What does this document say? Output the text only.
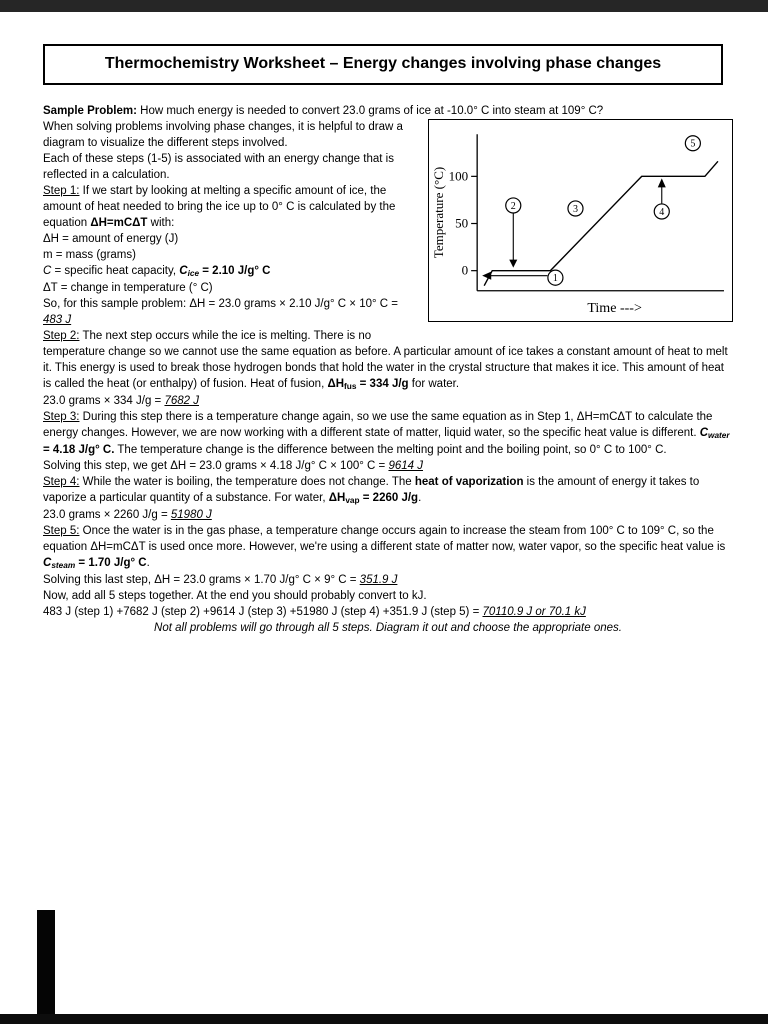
Thermochemistry Worksheet – Energy changes involving phase changes

Sample Problem: How much energy is needed to convert 23.0 grams of ice at -10.0° C into steam at 109° C?

100
50
0
Temperature (°C)
Time --->
1
2	3	4
5

When solving problems involving phase changes, it is helpful to draw a diagram to visualize the different steps involved.

Each of these steps (1-5) is associated with an energy change that is reflected in a calculation.

Step 1: If we start by looking at melting a specific amount of ice, the amount of heat needed to bring the ice up to 0° C is calculated by the equation ΔH=mCΔT with:

ΔH = amount of energy (J)

m = mass (grams)

C = specific heat capacity, Cice = 2.10 J/g° C

ΔT = change in temperature (° C)

So, for this sample problem: ΔH = 23.0 grams × 2.10 J/g° C × 10° C = 483 J

Step 2: The next step occurs while the ice is melting. There is no temperature change so we cannot use the same equation as before. A particular amount of ice takes a constant amount of heat to melt it. This energy is used to break those hydrogen bonds that hold the water in the crystal structure that makes it ice. This amount of heat is called the heat (or enthalpy) of fusion. Heat of fusion, ΔHfus = 334 J/g for water.

23.0 grams × 334 J/g = 7682 J

Step 3: During this step there is a temperature change again, so we use the same equation as in Step 1, ΔH=mCΔT to calculate the energy changes. However, we are now working with a different state of matter, liquid water, so the specific heat value is different. Cwater = 4.18 J/g° C. The temperature change is the difference between the melting point and the boiling point, so 0° C to 100° C.

Solving this step, we get ΔH = 23.0 grams × 4.18 J/g° C × 100° C = 9614 J

Step 4: While the water is boiling, the temperature does not change. The heat of vaporization is the amount of energy it takes to vaporize a particular quantity of a substance. For water, ΔHvap = 2260 J/g.

23.0 grams × 2260 J/g = 51980 J

Step 5: Once the water is in the gas phase, a temperature change occurs again to increase the steam from 100° C to 109° C, so the equation ΔH=mCΔT is used once more. However, we're using a different state of matter now, water vapor, so the specific heat value is Csteam = 1.70 J/g° C.

Solving this last step, ΔH = 23.0 grams × 1.70 J/g° C × 9° C = 351.9 J

Now, add all 5 steps together. At the end you should probably convert to kJ.

483 J (step 1) +7682 J (step 2) +9614 J (step 3) +51980 J (step 4) +351.9 J (step 5) = 70110.9 J or 70.1 kJ

Not all problems will go through all 5 steps. Diagram it out and choose the appropriate ones.
